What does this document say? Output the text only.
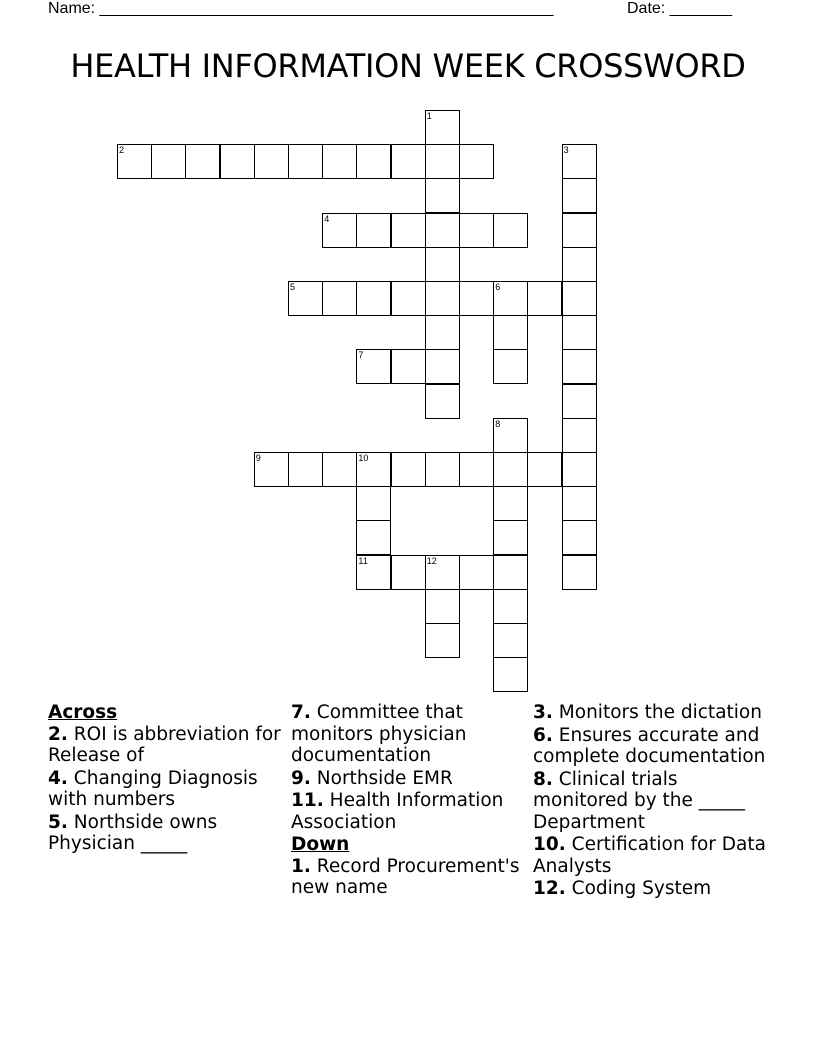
Name: ___________________________________________________	Date: _______
HEALTH INFORMATION WEEK CROSSWORD
2
4
5	6
7
9	10
11	12
1
3
8
Across
2. ROI is abbreviation for Release of
4. Changing Diagnosis with numbers
5. Northside owns Physician _____
7. Committee that monitors physician documentation
9. Northside EMR
11. Health Information Association
Down
1. Record Procurement's new name
3. Monitors the dictation
6. Ensures accurate and complete documentation
8. Clinical trials monitored by the _____ Department
10. Certification for Data Analysts
12. Coding System
